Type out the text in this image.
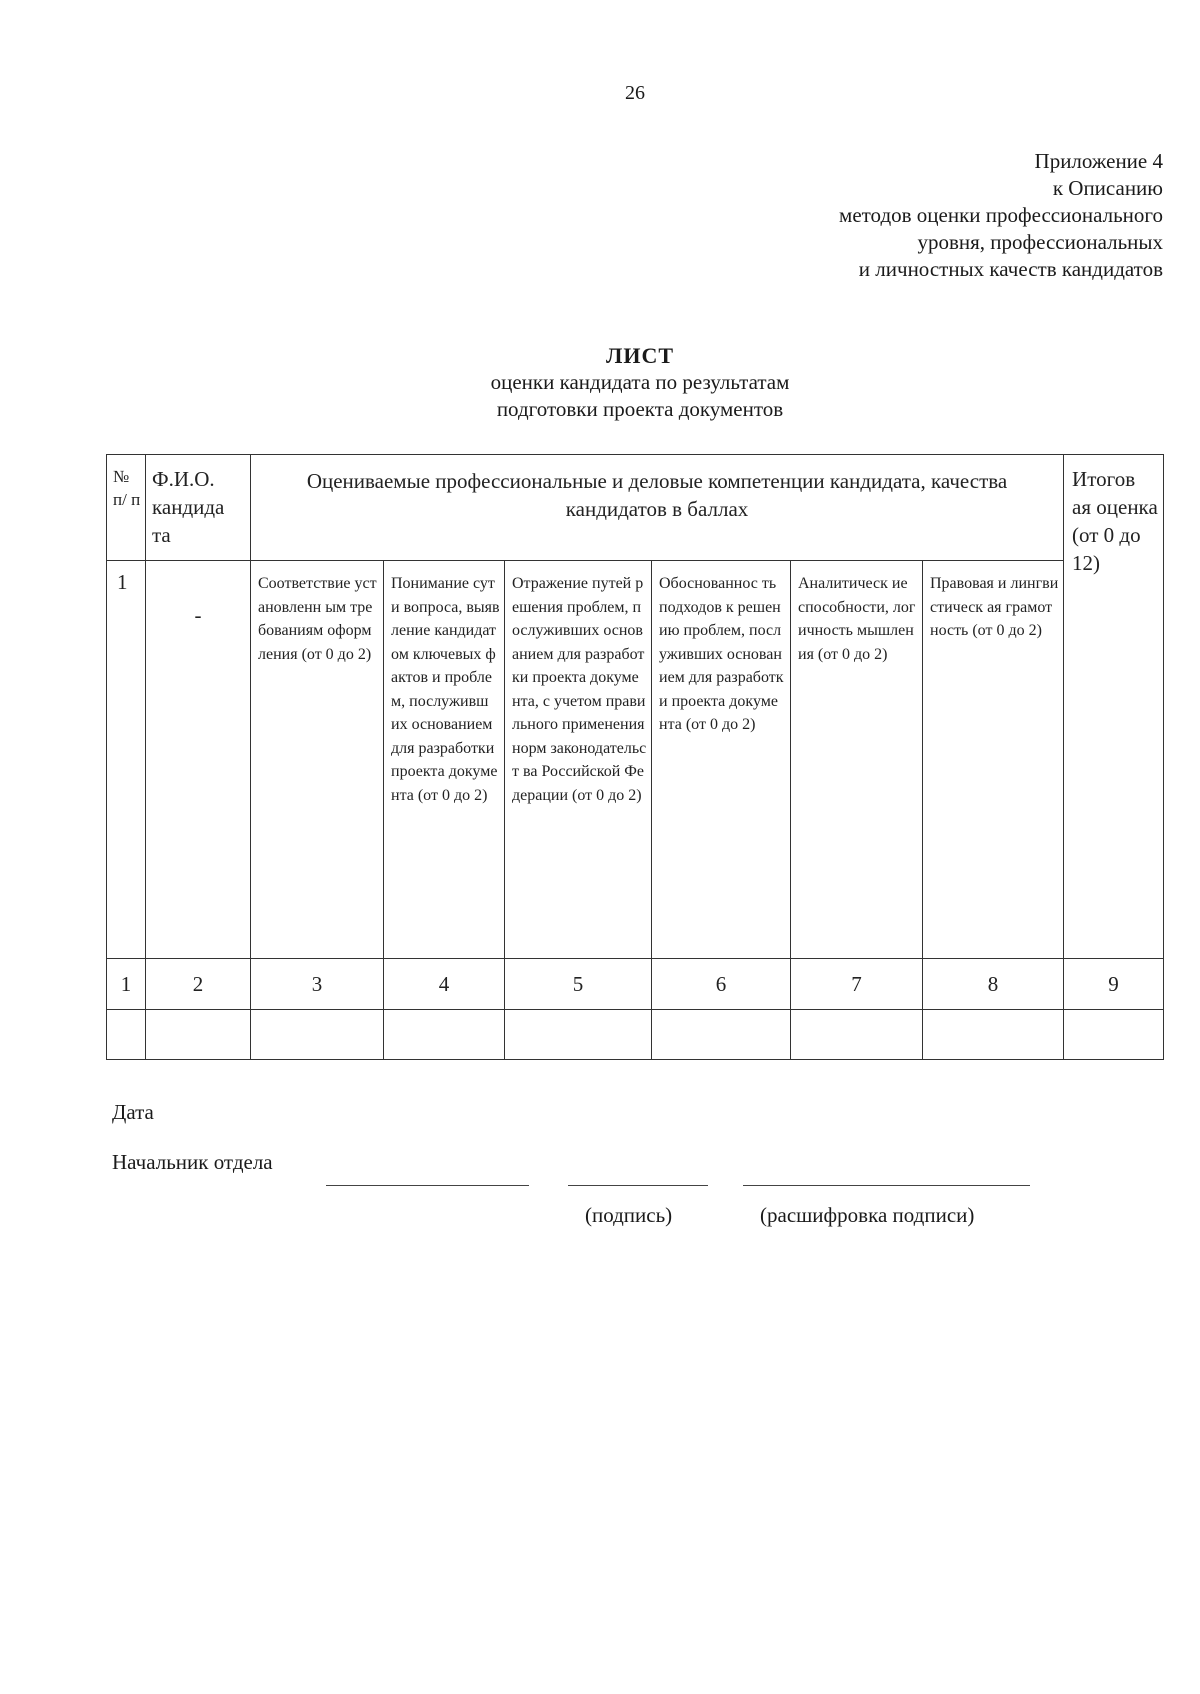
26
Приложение 4
к Описанию
методов оценки профессионального
уровня, профессиональных
и личностных качеств кандидатов
ЛИСТ
оценки кандидата по результатам
подготовки проекта документов
№ п/ п	Ф.И.О. кандида та	Оцениваемые профессиональные и деловые компетенции кандидата, качества кандидатов в баллах						Итогов ая оценка (от 0 до 12)
1	-	Соответствие установленн ым требованиям оформления (от 0 до 2)	Понимание сути вопроса, выявление кандидатом ключевых фактов и проблем, послуживш их основанием для разработки проекта документа (от 0 до 2)	Отражение путей решения проблем, послуживших основанием для разработки проекта документа, с учетом правильного применения норм законодательст ва Российской Федерации (от 0 до 2)	Обоснованнос ть подходов к решению проблем, послуживших основанием для разработки проекта документа (от 0 до 2)	Аналитическ ие способности, логичность мышления (от 0 до 2)	Правовая и лингвистическ ая грамотность (от 0 до 2)	
1	2	3	4	5	6	7	8	9

Дата
Начальник отдела
(подпись)	(расшифровка подписи)
